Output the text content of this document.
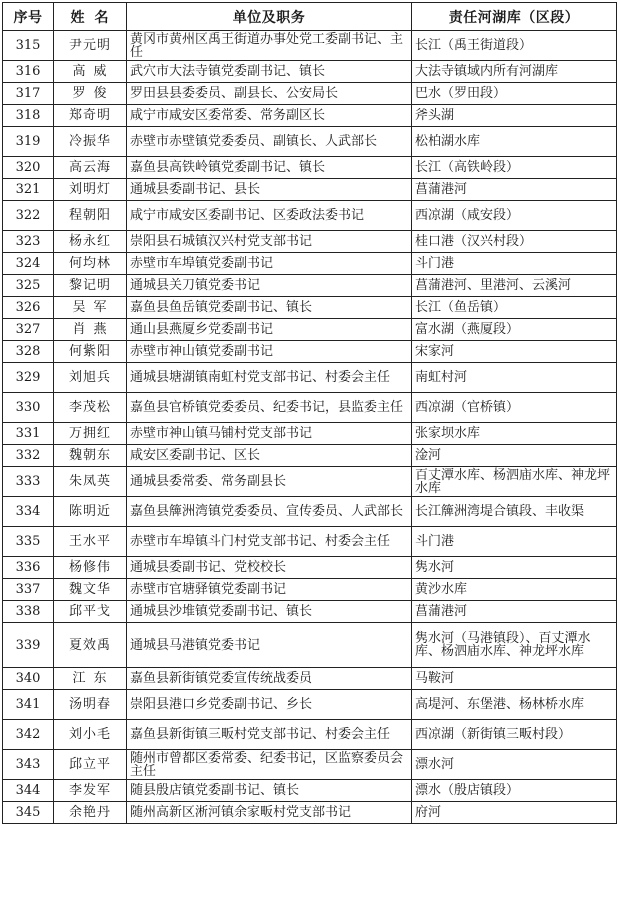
序号	姓名	单位及职务	责任河湖库（区段）
315	尹元明	黄冈市黄州区禹王街道办事处党工委副书记、主任	长江（禹王街道段）
316	高威	武穴市大法寺镇党委副书记、镇长	大法寺镇域内所有河湖库
317	罗俊	罗田县县委委员、副县长、公安局长	巴水（罗田段）
318	郑奇明	咸宁市咸安区委常委、常务副区长	斧头湖
319	冷振华	赤壁市赤壁镇党委委员、副镇长、人武部长	松柏湖水库
320	高云海	嘉鱼县高铁岭镇党委副书记、镇长	长江（高铁岭段）
321	刘明灯	通城县委副书记、县长	菖蒲港河
322	程朝阳	咸宁市咸安区委副书记、区委政法委书记	西凉湖（咸安段）
323	杨永红	崇阳县石城镇汉兴村党支部书记	桂口港（汉兴村段）
324	何均林	赤壁市车埠镇党委副书记	斗门港
325	黎记明	通城县关刀镇党委书记	菖蒲港河、里港河、云溪河
326	吴军	嘉鱼县鱼岳镇党委副书记、镇长	长江（鱼岳镇）
327	肖燕	通山县燕厦乡党委副书记	富水湖（燕厦段）
328	何紫阳	赤壁市神山镇党委副书记	宋家河
329	刘旭兵	通城县塘湖镇南虹村党支部书记、村委会主任	南虹村河
330	李茂松	嘉鱼县官桥镇党委委员、纪委书记，县监委主任	西凉湖（官桥镇）
331	万拥红	赤壁市神山镇马铺村党支部书记	张家坝水库
332	魏朝东	咸安区委副书记、区长	淦河
333	朱凤英	通城县委常委、常务副县长	百丈潭水库、杨泗庙水库、神龙坪水库
334	陈明近	嘉鱼县簰洲湾镇党委委员、宣传委员、人武部长	长江簰洲湾堤合镇段、丰收渠
335	王水平	赤壁市车埠镇斗门村党支部书记、村委会主任	斗门港
336	杨修伟	通城县委副书记、党校校长	隽水河
337	魏文华	赤壁市官塘驿镇党委副书记	黄沙水库
338	邱平戈	通城县沙堆镇党委副书记、镇长	菖蒲港河
339	夏效禹	通城县马港镇党委书记	隽水河（马港镇段）、百丈潭水库、杨泗庙水库、神龙坪水库
340	江东	嘉鱼县新街镇党委宣传统战委员	马鞍河
341	汤明春	崇阳县港口乡党委副书记、乡长	高堤河、东堡港、杨林桥水库
342	刘小毛	嘉鱼县新街镇三畈村党支部书记、村委会主任	西凉湖（新街镇三畈村段）
343	邱立平	随州市曾都区委常委、纪委书记，区监察委员会主任	漂水河
344	李发军	随县殷店镇党委副书记、镇长	漂水（殷店镇段）
345	余艳丹	随州高新区淅河镇余家畈村党支部书记	府河
